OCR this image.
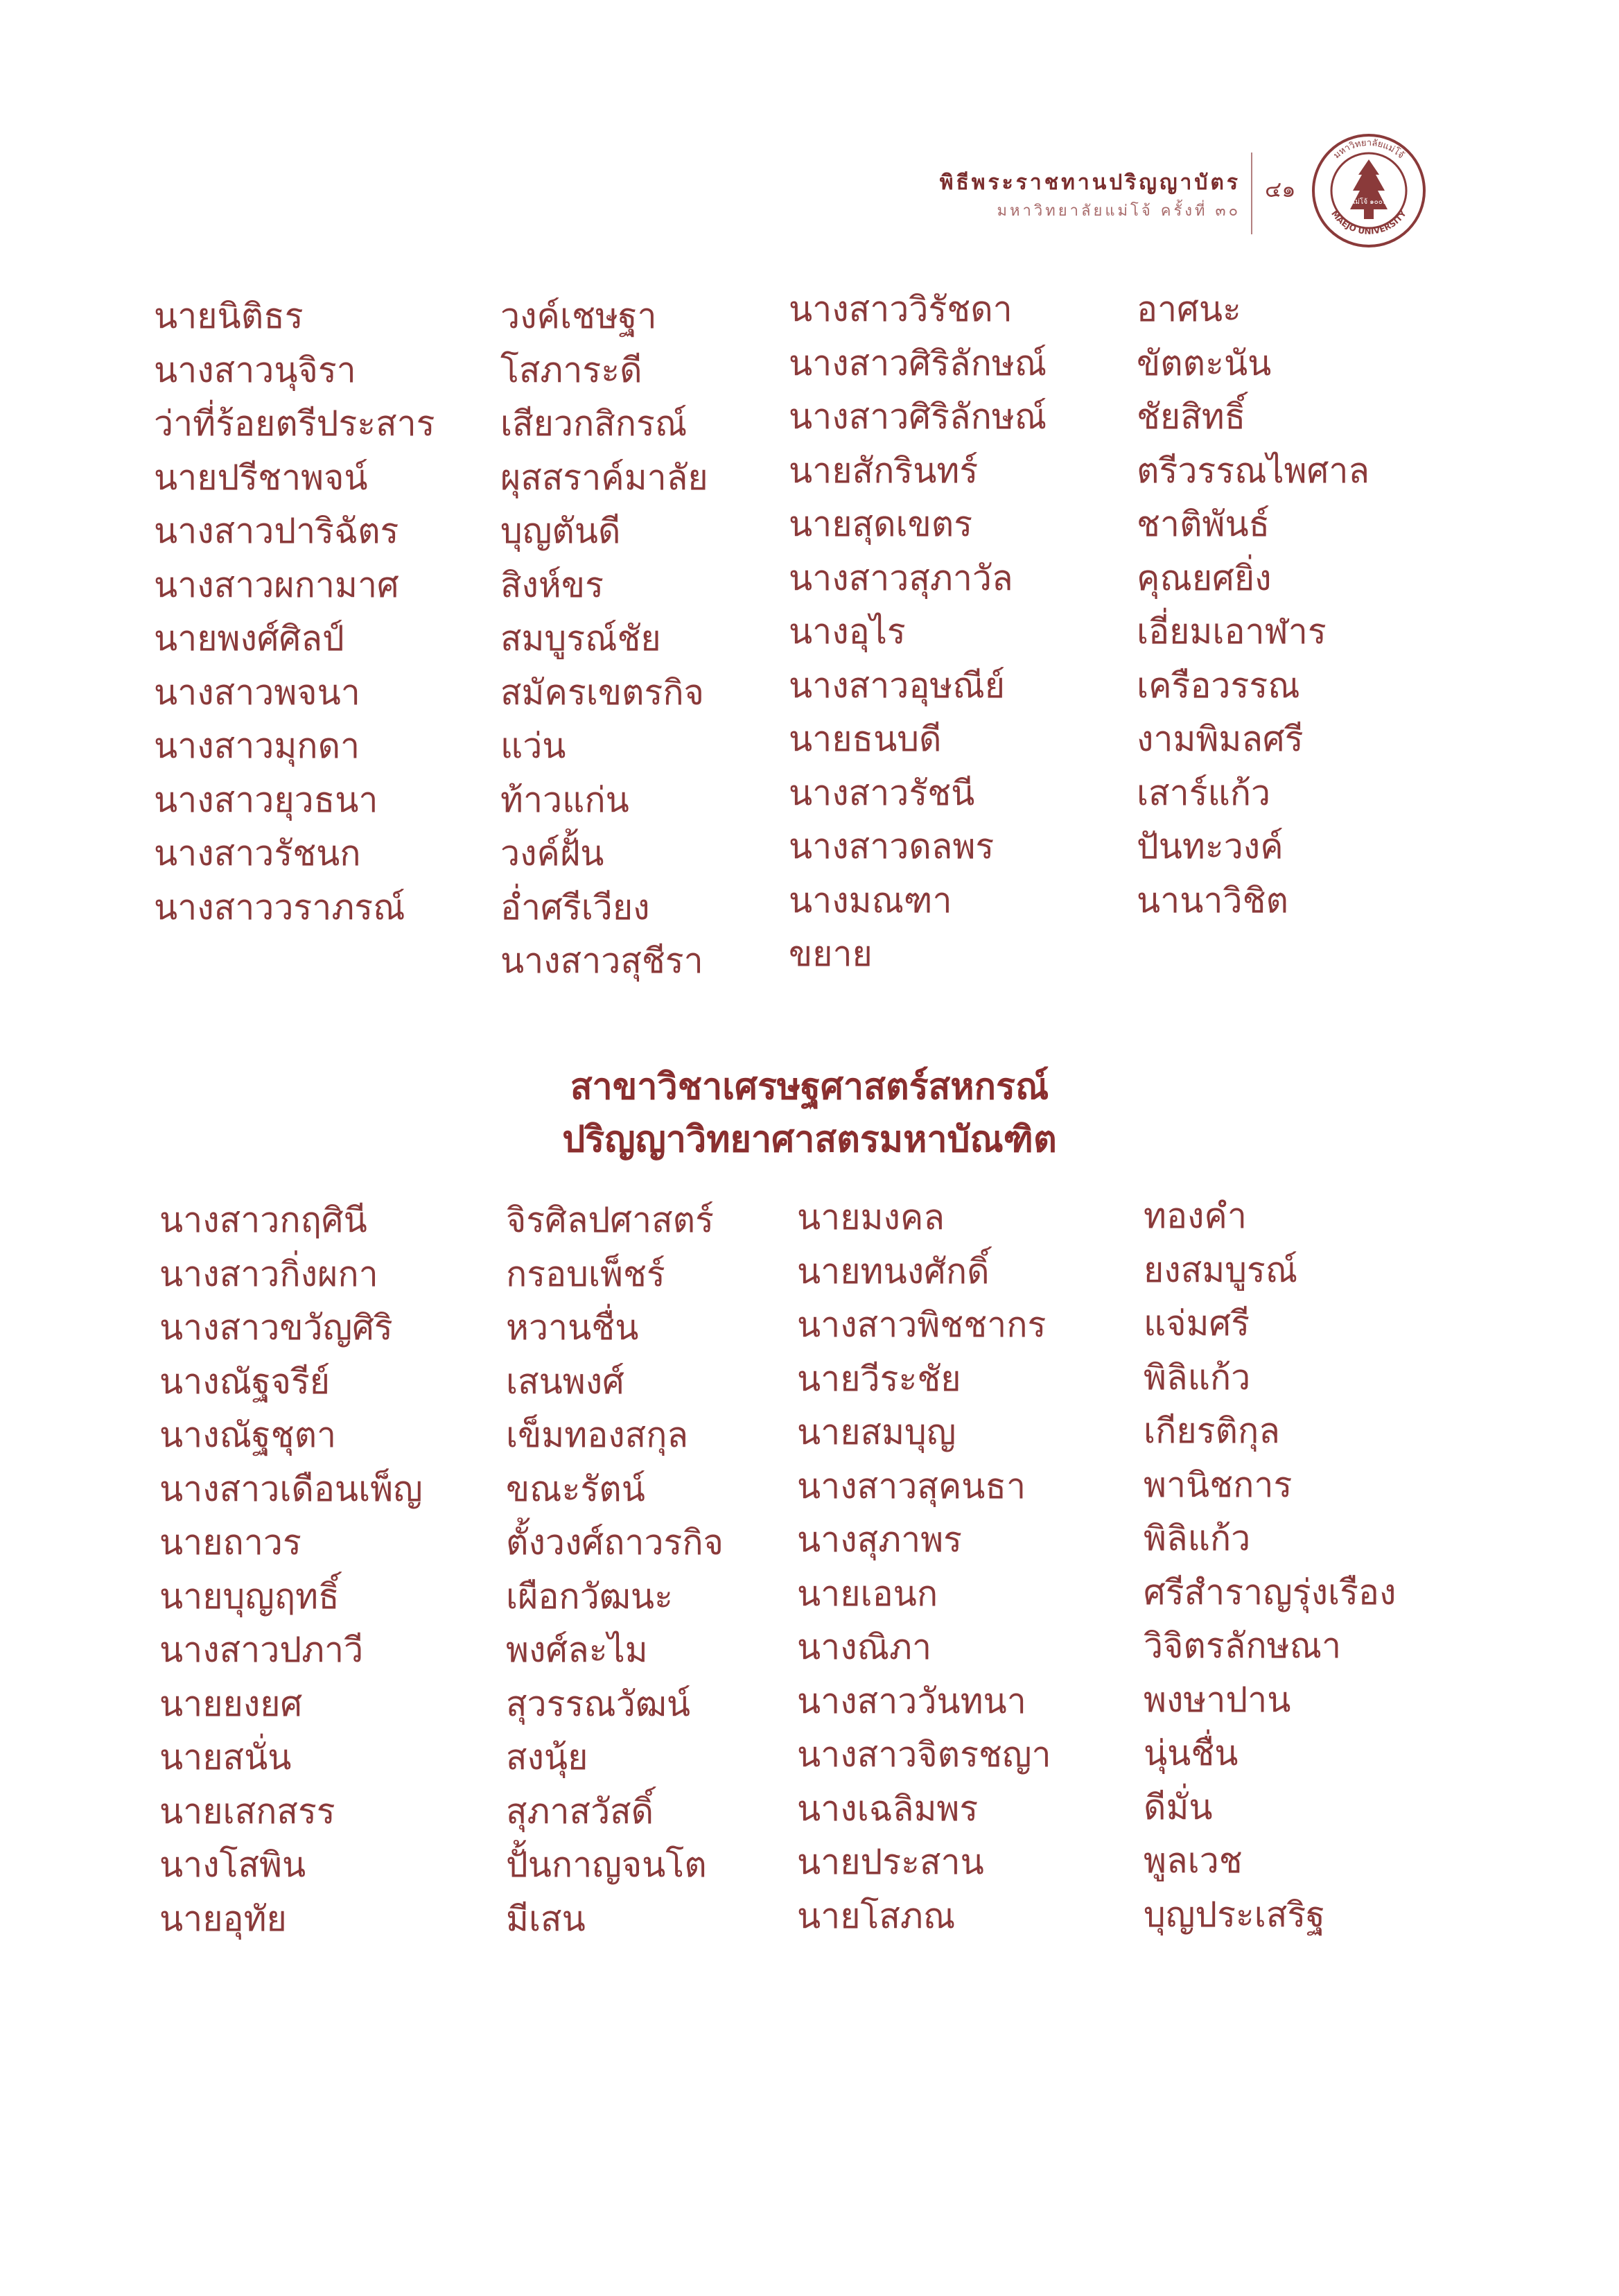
พิธีพระราชทานปริญญาบัตร
มหาวิทยาลัยแม่โจ้ ครั้งที่ ๓๐
๔๑
มหาวิทยาลัยแม่โจ้
MAEJO UNIVERSITY
แม่โจ้ ๑๐๐ปี
นายนิติธร
นางสาวนุจิรา
ว่าที่ร้อยตรีประสาร
นายปรีชาพจน์
นางสาวปาริฉัตร
นางสาวผกามาศ
นายพงศ์ศิลป์
นางสาวพจนา
นางสาวมุกดา
นางสาวยุวธนา
นางสาวรัชนก
นางสาววราภรณ์
วงค์เชษฐา
โสภาระดี
เสียวกสิกรณ์
ผุสสราค์มาลัย
บุญตันดี
สิงห์ขร
สมบูรณ์ชัย
สมัครเขตรกิจ
แว่น
ท้าวแก่น
วงค์ฝั้น
อ่ำศรีเวียง
นางสาวสุชีรา
นางสาววิรัชดา
นางสาวศิริลักษณ์
นางสาวศิริลักษณ์
นายสักรินทร์
นายสุดเขตร
นางสาวสุภาวัล
นางอุไร
นางสาวอุษณีย์
นายธนบดี
นางสาวรัชนี
นางสาวดลพร
นางมณฑา
ขยาย
อาศนะ
ขัตตะนัน
ชัยสิทธิ์
ตรีวรรณไพศาล
ชาติพันธ์
คุณยศยิ่ง
เอี่ยมเอาฬาร
เครือวรรณ
งามพิมลศรี
เสาร์แก้ว
ปันทะวงค์
นานาวิชิต
สาขาวิชาเศรษฐศาสตร์สหกรณ์
ปริญญาวิทยาศาสตรมหาบัณฑิต
นางสาวกฤศินี
นางสาวกิ่งผกา
นางสาวขวัญศิริ
นางณัฐจรีย์
นางณัฐชุตา
นางสาวเดือนเพ็ญ
นายถาวร
นายบุญฤทธิ์
นางสาวปภาวี
นายยงยศ
นายสนั่น
นายเสกสรร
นางโสพิน
นายอุทัย
จิรศิลปศาสตร์
กรอบเพ็ชร์
หวานชื่น
เสนพงศ์
เข็มทองสกุล
ขณะรัตน์
ตั้งวงศ์ถาวรกิจ
เผือกวัฒนะ
พงศ์ละไม
สุวรรณวัฒน์
สงนุ้ย
สุภาสวัสดิ์
ปั้นกาญจนโต
มีเสน
นายมงคล
นายทนงศักดิ์
นางสาวพิชชากร
นายวีระชัย
นายสมบุญ
นางสาวสุคนธา
นางสุภาพร
นายเอนก
นางณิภา
นางสาววันทนา
นางสาวจิตรชญา
นางเฉลิมพร
นายประสาน
นายโสภณ
ทองคำ
ยงสมบูรณ์
แจ่มศรี
พิลิแก้ว
เกียรติกุล
พานิชการ
พิลิแก้ว
ศรีสำราญรุ่งเรือง
วิจิตรลักษณา
พงษาปาน
นุ่นชื่น
ดีมั่น
พูลเวช
บุญประเสริฐ
